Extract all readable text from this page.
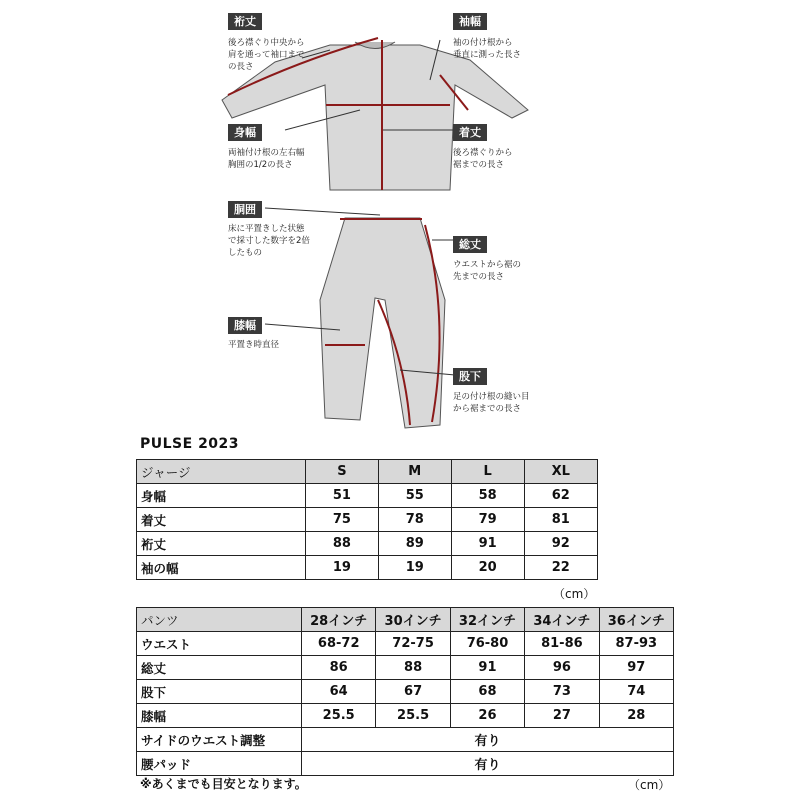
裄丈
後ろ襟ぐり中央から
肩を通って袖口まで
の長さ
袖幅
袖の付け根から
垂直に測った長さ
身幅
両袖付け根の左右幅
胸囲の1/2の長さ
着丈
後ろ襟ぐりから
裾までの長さ
胴囲
床に平置きした状態
で採寸した数字を2倍
したもの
総丈
ウエストから裾の
先までの長さ
膝幅
平置き時直径
股下
足の付け根の縫い目
から裾までの長さ
PULSE 2023
ジャージ	S	M	L	XL
身幅	51	55	58	62
着丈	75	78	79	81
裄丈	88	89	91	92
袖の幅	19	19	20	22
（cm）
パンツ	28インチ	30インチ	32インチ	34インチ	36インチ
ウエスト	68-72	72-75	76-80	81-86	87-93
総丈	86	88	91	96	97
股下	64	67	68	73	74
膝幅	25.5	25.5	26	27	28
サイドのウエスト調整	有り				
腰パッド	有り				
※あくまでも目安となります。	（cm）
